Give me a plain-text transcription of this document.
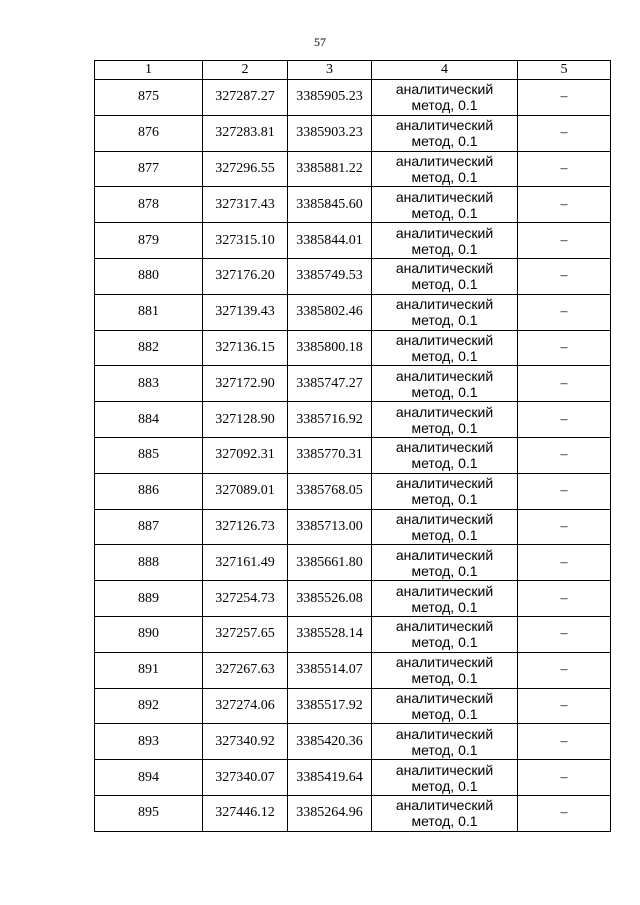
57
1	2	3	4	5
875	327287.27	3385905.23	аналитический
метод, 0.1	–
876	327283.81	3385903.23	аналитический
метод, 0.1	–
877	327296.55	3385881.22	аналитический
метод, 0.1	–
878	327317.43	3385845.60	аналитический
метод, 0.1	–
879	327315.10	3385844.01	аналитический
метод, 0.1	–
880	327176.20	3385749.53	аналитический
метод, 0.1	–
881	327139.43	3385802.46	аналитический
метод, 0.1	–
882	327136.15	3385800.18	аналитический
метод, 0.1	–
883	327172.90	3385747.27	аналитический
метод, 0.1	–
884	327128.90	3385716.92	аналитический
метод, 0.1	–
885	327092.31	3385770.31	аналитический
метод, 0.1	–
886	327089.01	3385768.05	аналитический
метод, 0.1	–
887	327126.73	3385713.00	аналитический
метод, 0.1	–
888	327161.49	3385661.80	аналитический
метод, 0.1	–
889	327254.73	3385526.08	аналитический
метод, 0.1	–
890	327257.65	3385528.14	аналитический
метод, 0.1	–
891	327267.63	3385514.07	аналитический
метод, 0.1	–
892	327274.06	3385517.92	аналитический
метод, 0.1	–
893	327340.92	3385420.36	аналитический
метод, 0.1	–
894	327340.07	3385419.64	аналитический
метод, 0.1	–
895	327446.12	3385264.96	аналитический
метод, 0.1	–
